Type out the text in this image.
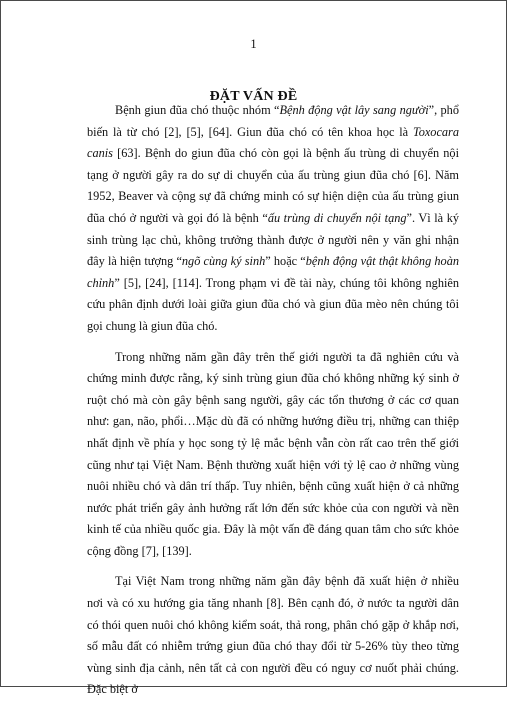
1
ĐẶT VẤN ĐỀ

Bệnh giun đũa chó thuộc nhóm “Bệnh động vật lây sang người”, phổ biến là từ chó [2], [5], [64]. Giun đũa chó có tên khoa học là Toxocara canis [63]. Bệnh do giun đũa chó còn gọi là bệnh ấu trùng di chuyển nội tạng ở người gây ra do sự di chuyển của ấu trùng giun đũa chó [6]. Năm 1952, Beaver và cộng sự đã chứng minh có sự hiện diện của ấu trùng giun đũa chó ở người và gọi đó là bệnh “ấu trùng di chuyển nội tạng”. Vì là ký sinh trùng lạc chủ, không trưởng thành được ở người nên y văn ghi nhận đây là hiện tượng “ngõ cùng ký sinh” hoặc “bệnh động vật thật không hoàn chỉnh” [5], [24], [114]. Trong phạm vi đề tài này, chúng tôi không nghiên cứu phân định dưới loài giữa giun đũa chó và giun đũa mèo nên chúng tôi gọi chung là giun đũa chó.

Trong những năm gần đây trên thế giới người ta đã nghiên cứu và chứng minh được rằng, ký sinh trùng giun đũa chó không những ký sinh ở ruột chó mà còn gây bệnh sang người, gây các tổn thương ở các cơ quan như: gan, não, phổi…Mặc dù đã có những hướng điều trị, những can thiệp nhất định về phía y học song tỷ lệ mắc bệnh vẫn còn rất cao trên thế giới cũng như tại Việt Nam. Bệnh thường xuất hiện với tỷ lệ cao ở những vùng nuôi nhiều chó và dân trí thấp. Tuy nhiên, bệnh cũng xuất hiện ở cả những nước phát triển gây ảnh hưởng rất lớn đến sức khỏe của con người và nền kinh tế của nhiều quốc gia. Đây là một vấn đề đáng quan tâm cho sức khỏe cộng đồng [7], [139].

Tại Việt Nam trong những năm gần đây bệnh đã xuất hiện ở nhiều nơi và có xu hướng gia tăng nhanh [8]. Bên cạnh đó, ở nước ta người dân có thói quen nuôi chó không kiểm soát, thả rong, phân chó gặp ở khắp nơi, số mẫu đất có nhiễm trứng giun đũa chó thay đổi từ 5-26% tùy theo từng vùng sinh địa cảnh, nên tất cả con người đều có nguy cơ nuốt phải chúng. Đặc biệt ở
